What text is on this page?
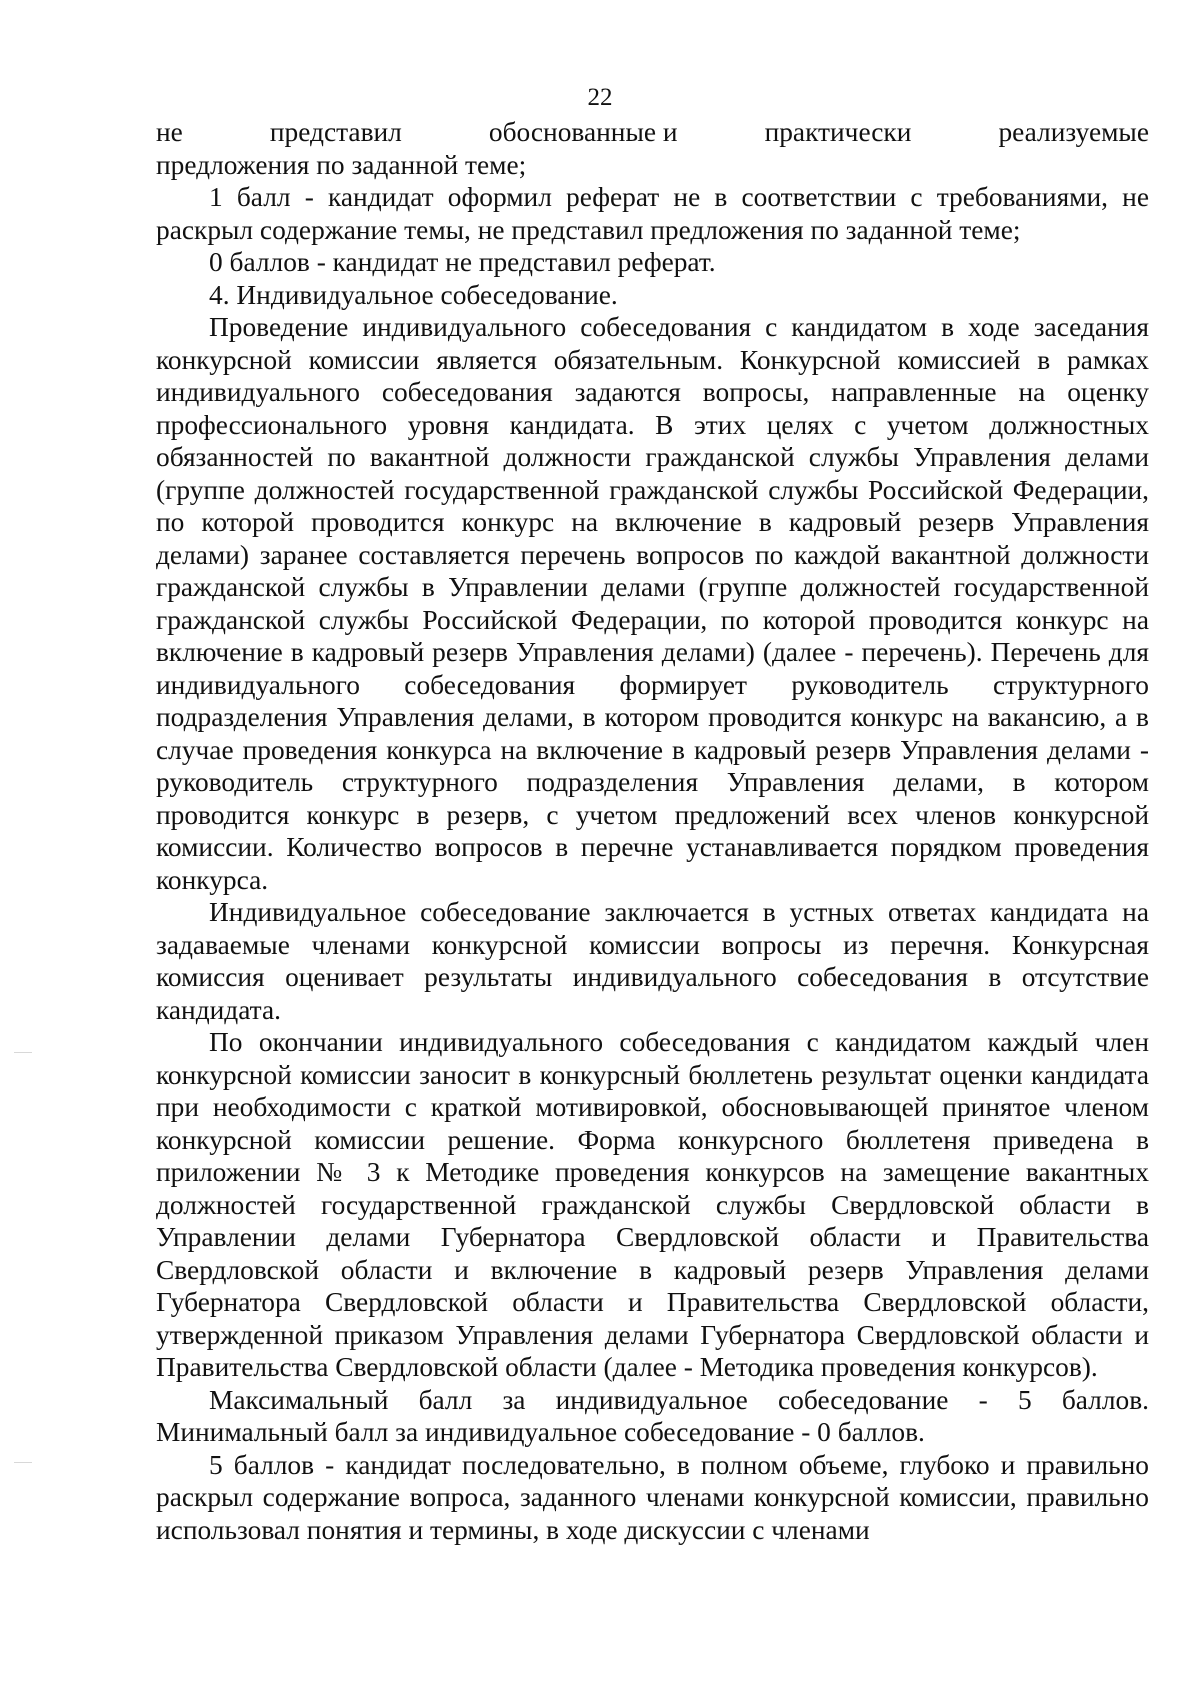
22
не	представил	обоснованные и	практически	реализуемые

предложения по заданной теме;

1 балл - кандидат оформил реферат не в соответствии с требованиями, не раскрыл содержание темы, не представил предложения по заданной теме;

0 баллов - кандидат не представил реферат.

4. Индивидуальное собеседование.

Проведение индивидуального собеседования с кандидатом в ходе заседания конкурсной комиссии является обязательным. Конкурсной комиссией в рамках индивидуального собеседования задаются вопросы, направленные на оценку профессионального уровня кандидата. В этих целях с учетом должностных обязанностей по вакантной должности гражданской службы Управления делами (группе должностей государственной гражданской службы Российской Федерации, по которой проводится конкурс на включение в кадровый резерв Управления делами) заранее составляется перечень вопросов по каждой вакантной должности гражданской службы в Управлении делами (группе должностей государственной гражданской службы Российской Федерации, по которой проводится конкурс на включение в кадровый резерв Управления делами) (далее - перечень). Перечень для индивидуального собеседования формирует руководитель структурного подразделения Управления делами, в котором проводится конкурс на вакансию, а в случае проведения конкурса на включение в кадровый резерв Управления делами - руководитель структурного подразделения Управления делами, в котором проводится конкурс в резерв, с учетом предложений всех членов конкурсной комиссии. Количество вопросов в перечне устанавливается порядком проведения конкурса.

Индивидуальное собеседование заключается в устных ответах кандидата на задаваемые членами конкурсной комиссии вопросы из перечня. Конкурсная комиссия оценивает результаты индивидуального собеседования в отсутствие кандидата.

По окончании индивидуального собеседования с кандидатом каждый член конкурсной комиссии заносит в конкурсный бюллетень результат оценки кандидата при необходимости с краткой мотивировкой, обосновывающей принятое членом конкурсной комиссии решение. Форма конкурсного бюллетеня приведена в приложении № 3 к Методике проведения конкурсов на замещение вакантных должностей государственной гражданской службы Свердловской области в Управлении делами Губернатора Свердловской области и Правительства Свердловской области и включение в кадровый резерв Управления делами Губернатора Свердловской области и Правительства Свердловской области, утвержденной приказом Управления делами Губернатора Свердловской области и Правительства Свердловской области (далее - Методика проведения конкурсов).

Максимальный балл за индивидуальное собеседование - 5 баллов. Минимальный балл за индивидуальное собеседование - 0 баллов.

5 баллов - кандидат последовательно, в полном объеме, глубоко и правильно раскрыл содержание вопроса, заданного членами конкурсной комиссии, правильно использовал понятия и термины, в ходе дискуссии с членами
